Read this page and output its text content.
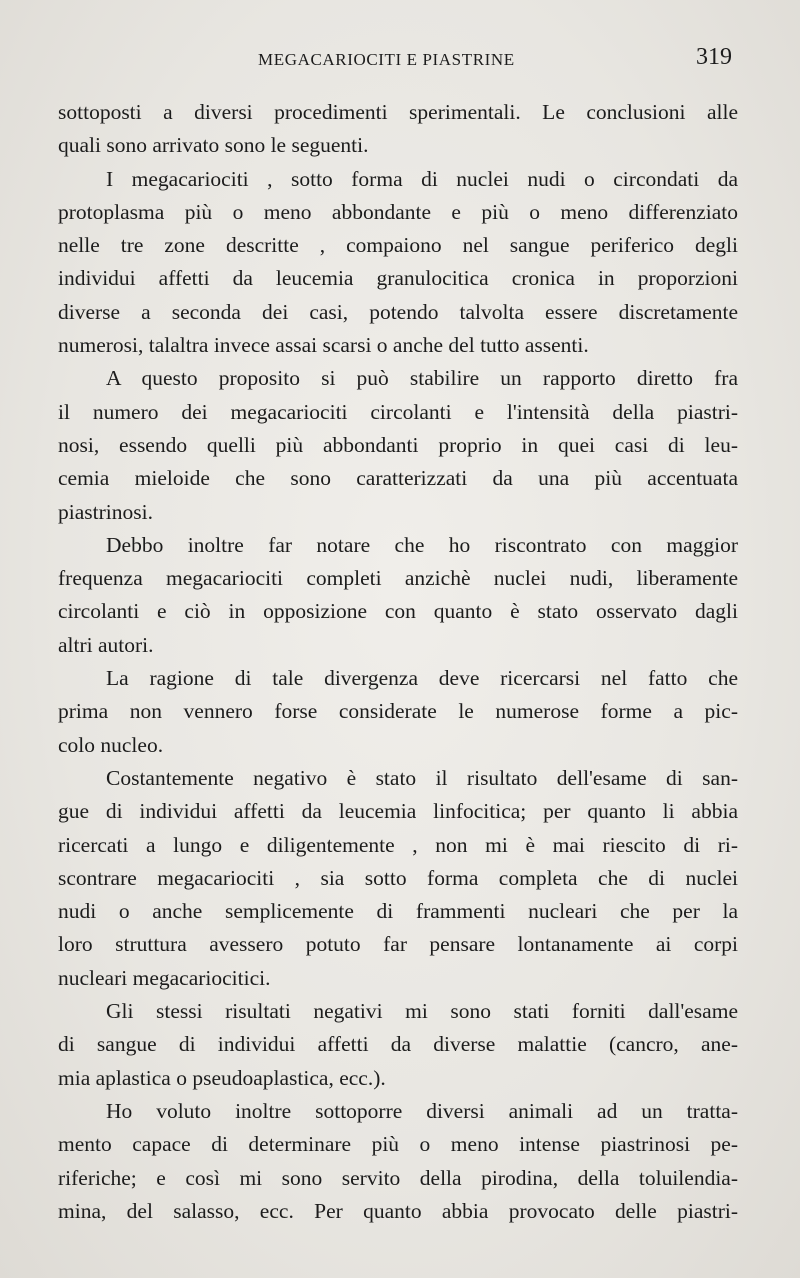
MEGACARIOCITI E PIASTRINE	319
sottoposti a diversi procedimenti sperimentali. Le conclusioni alle
quali sono arrivato sono le seguenti.
I megacariociti , sotto forma di nuclei nudi o circondati da
protoplasma più o meno abbondante e più o meno differenziato
nelle tre zone descritte , compaiono nel sangue periferico degli
individui affetti da leucemia granulocitica cronica in proporzioni
diverse a seconda dei casi, potendo talvolta essere discretamente
numerosi, talaltra invece assai scarsi o anche del tutto assenti.
A questo proposito si può stabilire un rapporto diretto fra
il numero dei megacariociti circolanti e l'intensità della piastri-
nosi, essendo quelli più abbondanti proprio in quei casi di leu-
cemia mieloide che sono caratterizzati da una più accentuata
piastrinosi.
Debbo inoltre far notare che ho riscontrato con maggior
frequenza megacariociti completi anzichè nuclei nudi, liberamente
circolanti e ciò in opposizione con quanto è stato osservato dagli
altri autori.
La ragione di tale divergenza deve ricercarsi nel fatto che
prima non vennero forse considerate le numerose forme a pic-
colo nucleo.
Costantemente negativo è stato il risultato dell'esame di san-
gue di individui affetti da leucemia linfocitica; per quanto li abbia
ricercati a lungo e diligentemente , non mi è mai riescito di ri-
scontrare megacariociti , sia sotto forma completa che di nuclei
nudi o anche semplicemente di frammenti nucleari che per la
loro struttura avessero potuto far pensare lontanamente ai corpi
nucleari megacariocitici.
Gli stessi risultati negativi mi sono stati forniti dall'esame
di sangue di individui affetti da diverse malattie (cancro, ane-
mia aplastica o pseudoaplastica, ecc.).
Ho voluto inoltre sottoporre diversi animali ad un tratta-
mento capace di determinare più o meno intense piastrinosi pe-
riferiche; e così mi sono servito della pirodina, della toluilendia-
mina, del salasso, ecc. Per quanto abbia provocato delle piastri-
